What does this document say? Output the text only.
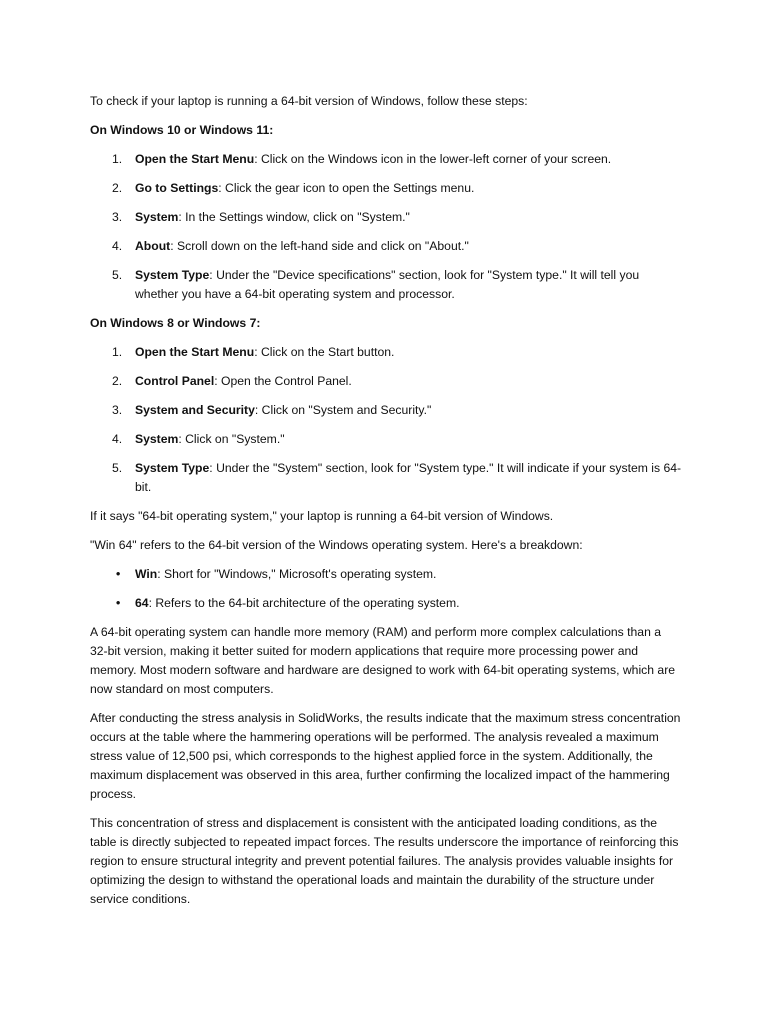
To check if your laptop is running a 64-bit version of Windows, follow these steps:

On Windows 10 or Windows 11:

1.	Open the Start Menu: Click on the Windows icon in the lower-left corner of your screen.
2.	Go to Settings: Click the gear icon to open the Settings menu.
3.	System: In the Settings window, click on "System."
4.	About: Scroll down on the left-hand side and click on "About."
5.	System Type: Under the "Device specifications" section, look for "System type." It will tell you whether you have a 64-bit operating system and processor.

On Windows 8 or Windows 7:

1.	Open the Start Menu: Click on the Start button.
2.	Control Panel: Open the Control Panel.
3.	System and Security: Click on "System and Security."
4.	System: Click on "System."
5.	System Type: Under the "System" section, look for "System type." It will indicate if your system is 64-bit.

If it says "64-bit operating system," your laptop is running a 64-bit version of Windows.

"Win 64" refers to the 64-bit version of the Windows operating system. Here's a breakdown:

• Win: Short for "Windows," Microsoft's operating system.
• 64: Refers to the 64-bit architecture of the operating system.

A 64-bit operating system can handle more memory (RAM) and perform more complex calculations than a 32-bit version, making it better suited for modern applications that require more processing power and memory. Most modern software and hardware are designed to work with 64-bit operating systems, which are now standard on most computers.

After conducting the stress analysis in SolidWorks, the results indicate that the maximum stress concentration occurs at the table where the hammering operations will be performed. The analysis revealed a maximum stress value of 12,500 psi, which corresponds to the highest applied force in the system. Additionally, the maximum displacement was observed in this area, further confirming the localized impact of the hammering process.

This concentration of stress and displacement is consistent with the anticipated loading conditions, as the table is directly subjected to repeated impact forces. The results underscore the importance of reinforcing this region to ensure structural integrity and prevent potential failures. The analysis provides valuable insights for optimizing the design to withstand the operational loads and maintain the durability of the structure under service conditions.
